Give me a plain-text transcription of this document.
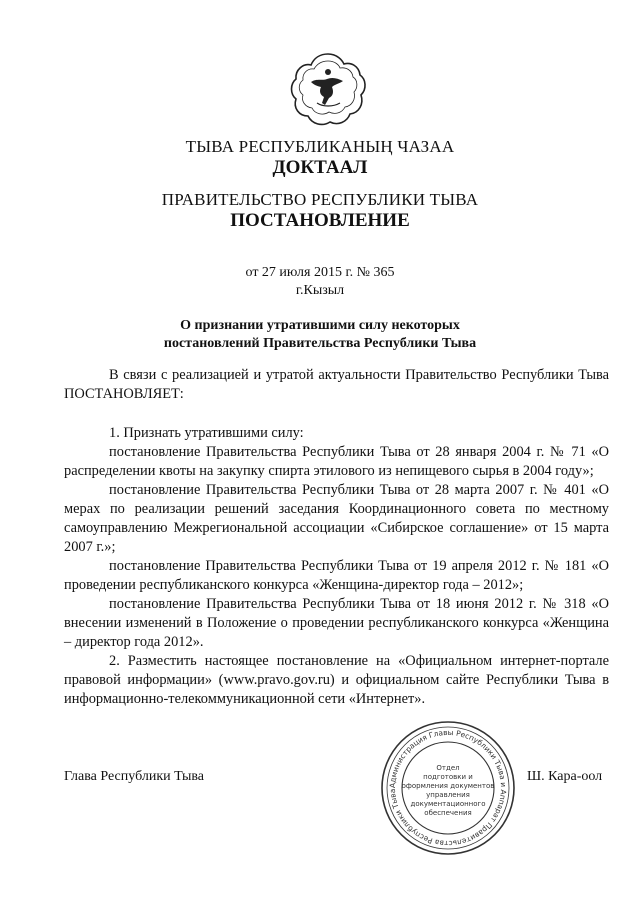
ТЫВА РЕСПУБЛИКАНЫҢ ЧАЗАА
ДОКТААЛ
ПРАВИТЕЛЬСТВО РЕСПУБЛИКИ ТЫВА
ПОСТАНОВЛЕНИЕ
от 27 июля 2015 г. № 365
г.Кызыл
О признании утратившими силу некоторых
постановлений Правительства Республики Тыва

В связи с реализацией и утратой актуальности Правительство Республики Тыва ПОСТАНОВЛЯЕТ:

1. Признать утратившими силу:

постановление Правительства Республики Тыва от 28 января 2004 г. № 71 «О распределении квоты на закупку спирта этилового из непищевого сырья в 2004 году»;

постановление Правительства Республики Тыва от 28 марта 2007 г. № 401 «О мерах по реализации решений заседания Координационного совета по местному самоуправлению Межрегиональной ассоциации «Сибирское соглашение» от 15 марта 2007 г.»;

постановление Правительства Республики Тыва от 19 апреля 2012 г. № 181 «О проведении республиканского конкурса «Женщина-директор года – 2012»;

постановление Правительства Республики Тыва от 18 июня 2012 г. № 318 «О внесении изменений в Положение о проведении республиканского конкурса «Женщина – директор года 2012».

2. Разместить настоящее постановление на «Официальном интернет-портале правовой информации» (www.pravo.gov.ru) и официальном сайте Республики Тыва в информационно-телекоммуникационной сети «Интернет».

Глава Республики Тыва	Ш. Кара-оол
Администрация Главы Республики Тыва и Аппарат Правительства Республики Тыва
Отдел
подготовки и
оформления документов
управления
документационного
обеспечения
